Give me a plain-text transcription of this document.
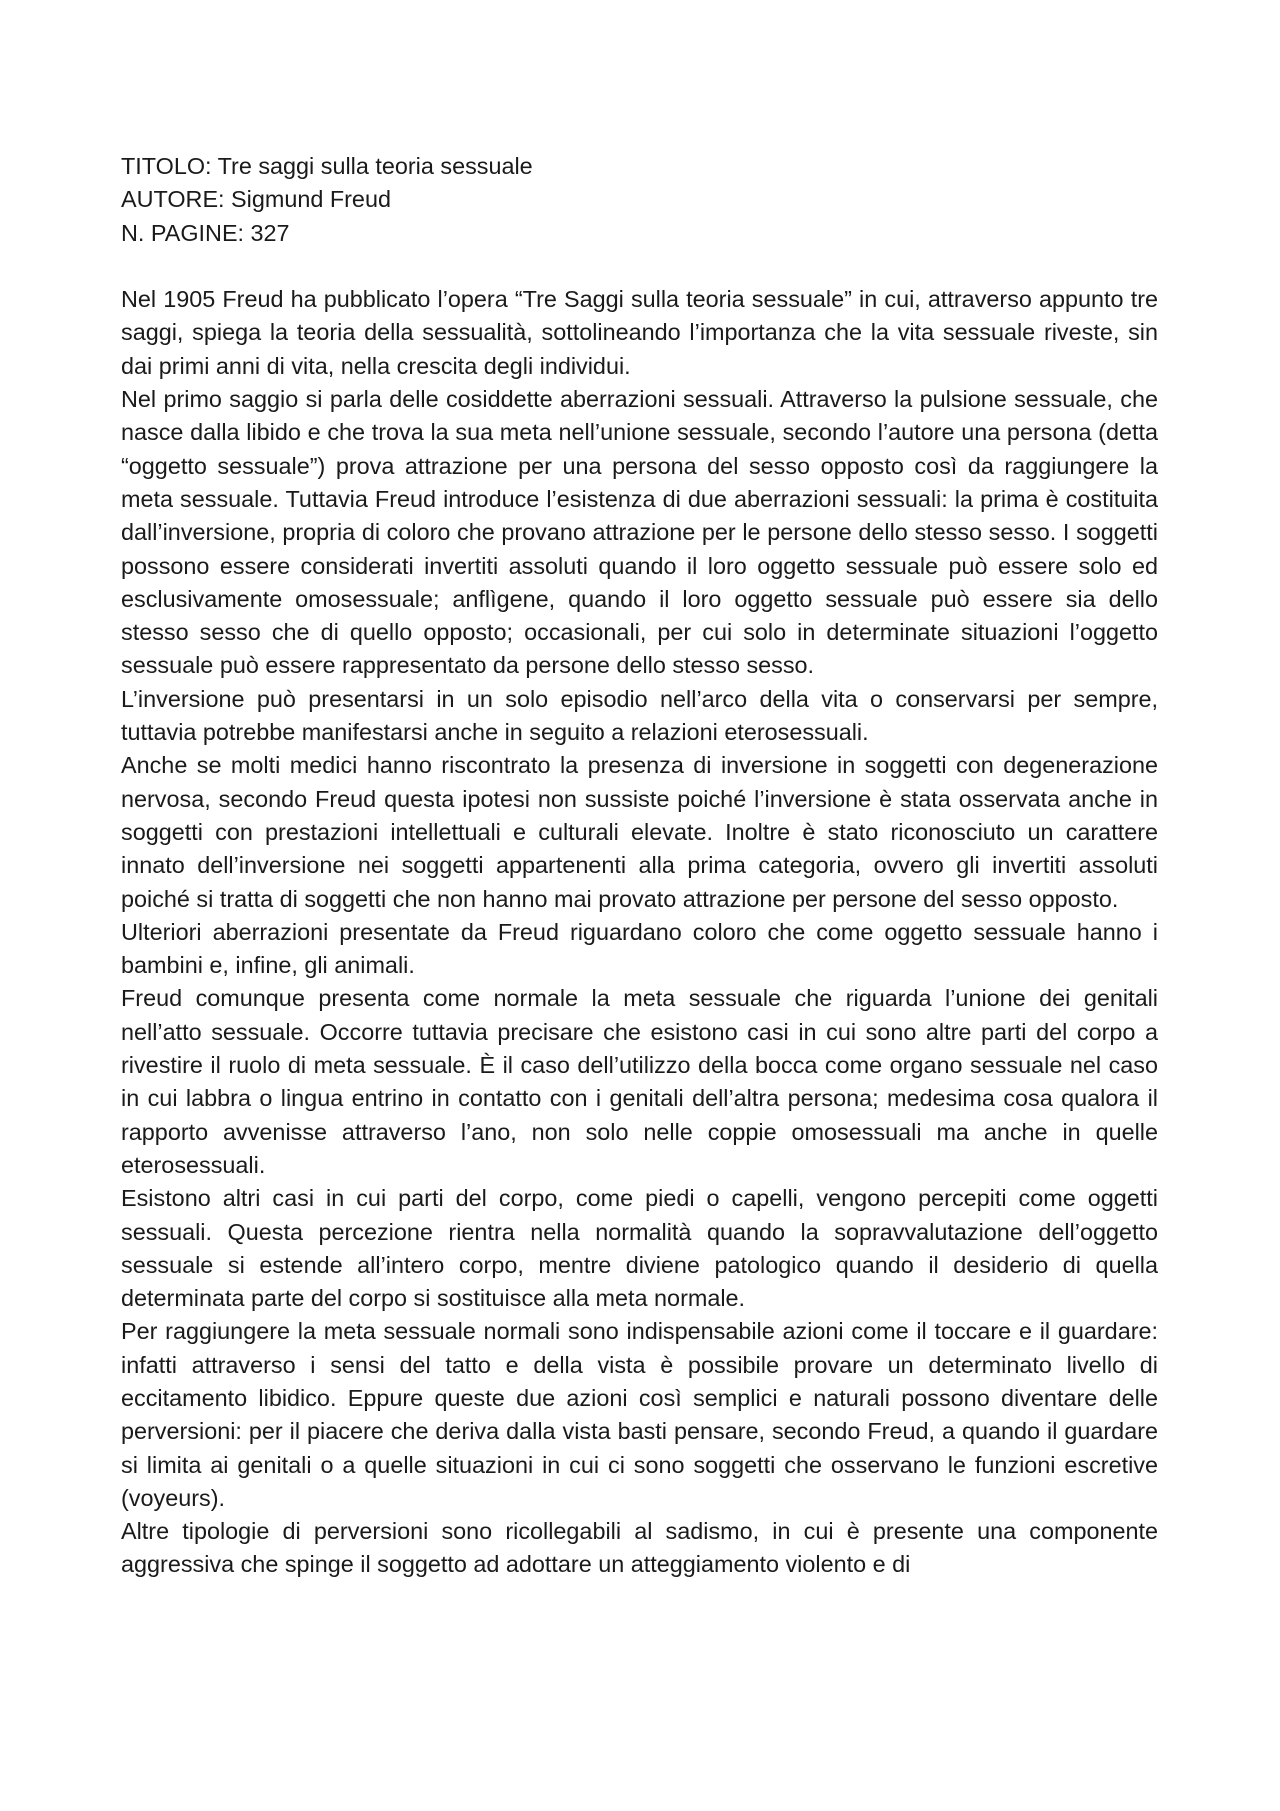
TITOLO: Tre saggi sulla teoria sessuale

AUTORE: Sigmund Freud

N. PAGINE: 327

Nel 1905 Freud ha pubblicato l’opera “Tre Saggi sulla teoria sessuale” in cui, attraverso appunto tre saggi, spiega la teoria della sessualità, sottolineando l’importanza che la vita sessuale riveste, sin dai primi anni di vita, nella crescita degli individui.

Nel primo saggio si parla delle cosiddette aberrazioni sessuali. Attraverso la pulsione sessuale, che nasce dalla libido e che trova la sua meta nell’unione sessuale, secondo l’autore una persona (detta “oggetto sessuale”) prova attrazione per una persona del sesso opposto così da raggiungere la meta sessuale. Tuttavia Freud introduce l’esistenza di due aberrazioni sessuali: la prima è costituita dall’inversione, propria di coloro che provano attrazione per le persone dello stesso sesso. I soggetti possono essere considerati invertiti assoluti quando il loro oggetto sessuale può essere solo ed esclusivamente omosessuale; anflìgene, quando il loro oggetto sessuale può essere sia dello stesso sesso che di quello opposto; occasionali, per cui solo in determinate situazioni l’oggetto sessuale può essere rappresentato da persone dello stesso sesso.

L’inversione può presentarsi in un solo episodio nell’arco della vita o conservarsi per sempre, tuttavia potrebbe manifestarsi anche in seguito a relazioni eterosessuali.

Anche se molti medici hanno riscontrato la presenza di inversione in soggetti con degenerazione nervosa, secondo Freud questa ipotesi non sussiste poiché l’inversione è stata osservata anche in soggetti con prestazioni intellettuali e culturali elevate. Inoltre è stato riconosciuto un carattere innato dell’inversione nei soggetti appartenenti alla prima categoria, ovvero gli invertiti assoluti poiché si tratta di soggetti che non hanno mai provato attrazione per persone del sesso opposto.

Ulteriori aberrazioni presentate da Freud riguardano coloro che come oggetto sessuale hanno i bambini e, infine, gli animali.

Freud comunque presenta come normale la meta sessuale che riguarda l’unione dei genitali nell’atto sessuale. Occorre tuttavia precisare che esistono casi in cui sono altre parti del corpo a rivestire il ruolo di meta sessuale. È il caso dell’utilizzo della bocca come organo sessuale nel caso in cui labbra o lingua entrino in contatto con i genitali dell’altra persona; medesima cosa qualora il rapporto avvenisse attraverso l’ano, non solo nelle coppie omosessuali ma anche in quelle eterosessuali.

Esistono altri casi in cui parti del corpo, come piedi o capelli, vengono percepiti come oggetti sessuali. Questa percezione rientra nella normalità quando la sopravvalutazione dell’oggetto sessuale si estende all’intero corpo, mentre diviene patologico quando il desiderio di quella determinata parte del corpo si sostituisce alla meta normale.

Per raggiungere la meta sessuale normali sono indispensabile azioni come il toccare e il guardare: infatti attraverso i sensi del tatto e della vista è possibile provare un determinato livello di eccitamento libidico. Eppure queste due azioni così semplici e naturali possono diventare delle perversioni: per il piacere che deriva dalla vista basti pensare, secondo Freud, a quando il guardare si limita ai genitali o a quelle situazioni in cui ci sono soggetti che osservano le funzioni escretive (voyeurs).

Altre tipologie di perversioni sono ricollegabili al sadismo, in cui è presente una componente aggressiva che spinge il soggetto ad adottare un atteggiamento violento e di
